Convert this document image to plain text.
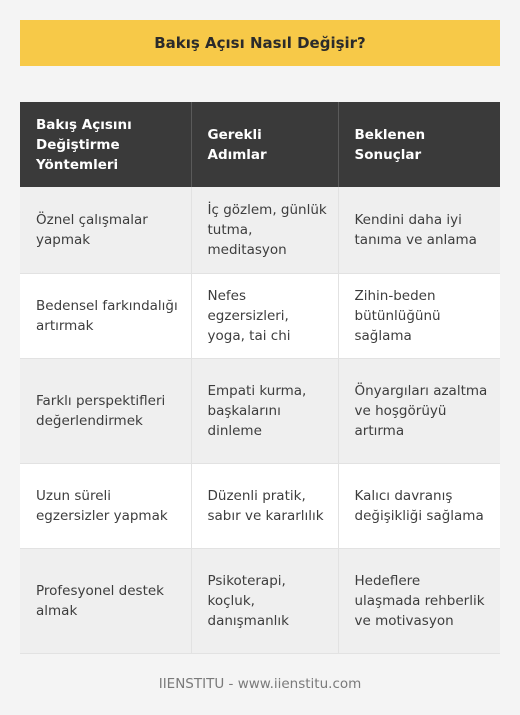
Bakış Açısı Nasıl Değişir?
Bakış Açısını Değiştirme Yöntemleri	Gerekli Adımlar	Beklenen Sonuçlar
Öznel çalışmalar yapmak	İç gözlem, günlük tutma, meditasyon	Kendini daha iyi tanıma ve anlama
Bedensel farkındalığı artırmak	Nefes egzersizleri, yoga, tai chi	Zihin-beden bütünlüğünü sağlama
Farklı perspektifleri değerlendirmek	Empati kurma, başkalarını dinleme	Önyargıları azaltma ve hoşgörüyü artırma
Uzun süreli egzersizler yapmak	Düzenli pratik, sabır ve kararlılık	Kalıcı davranış değişikliği sağlama
Profesyonel destek almak	Psikoterapi, koçluk, danışmanlık	Hedeflere ulaşmada rehberlik ve motivasyon
IIENSTITU - www.iienstitu.com
